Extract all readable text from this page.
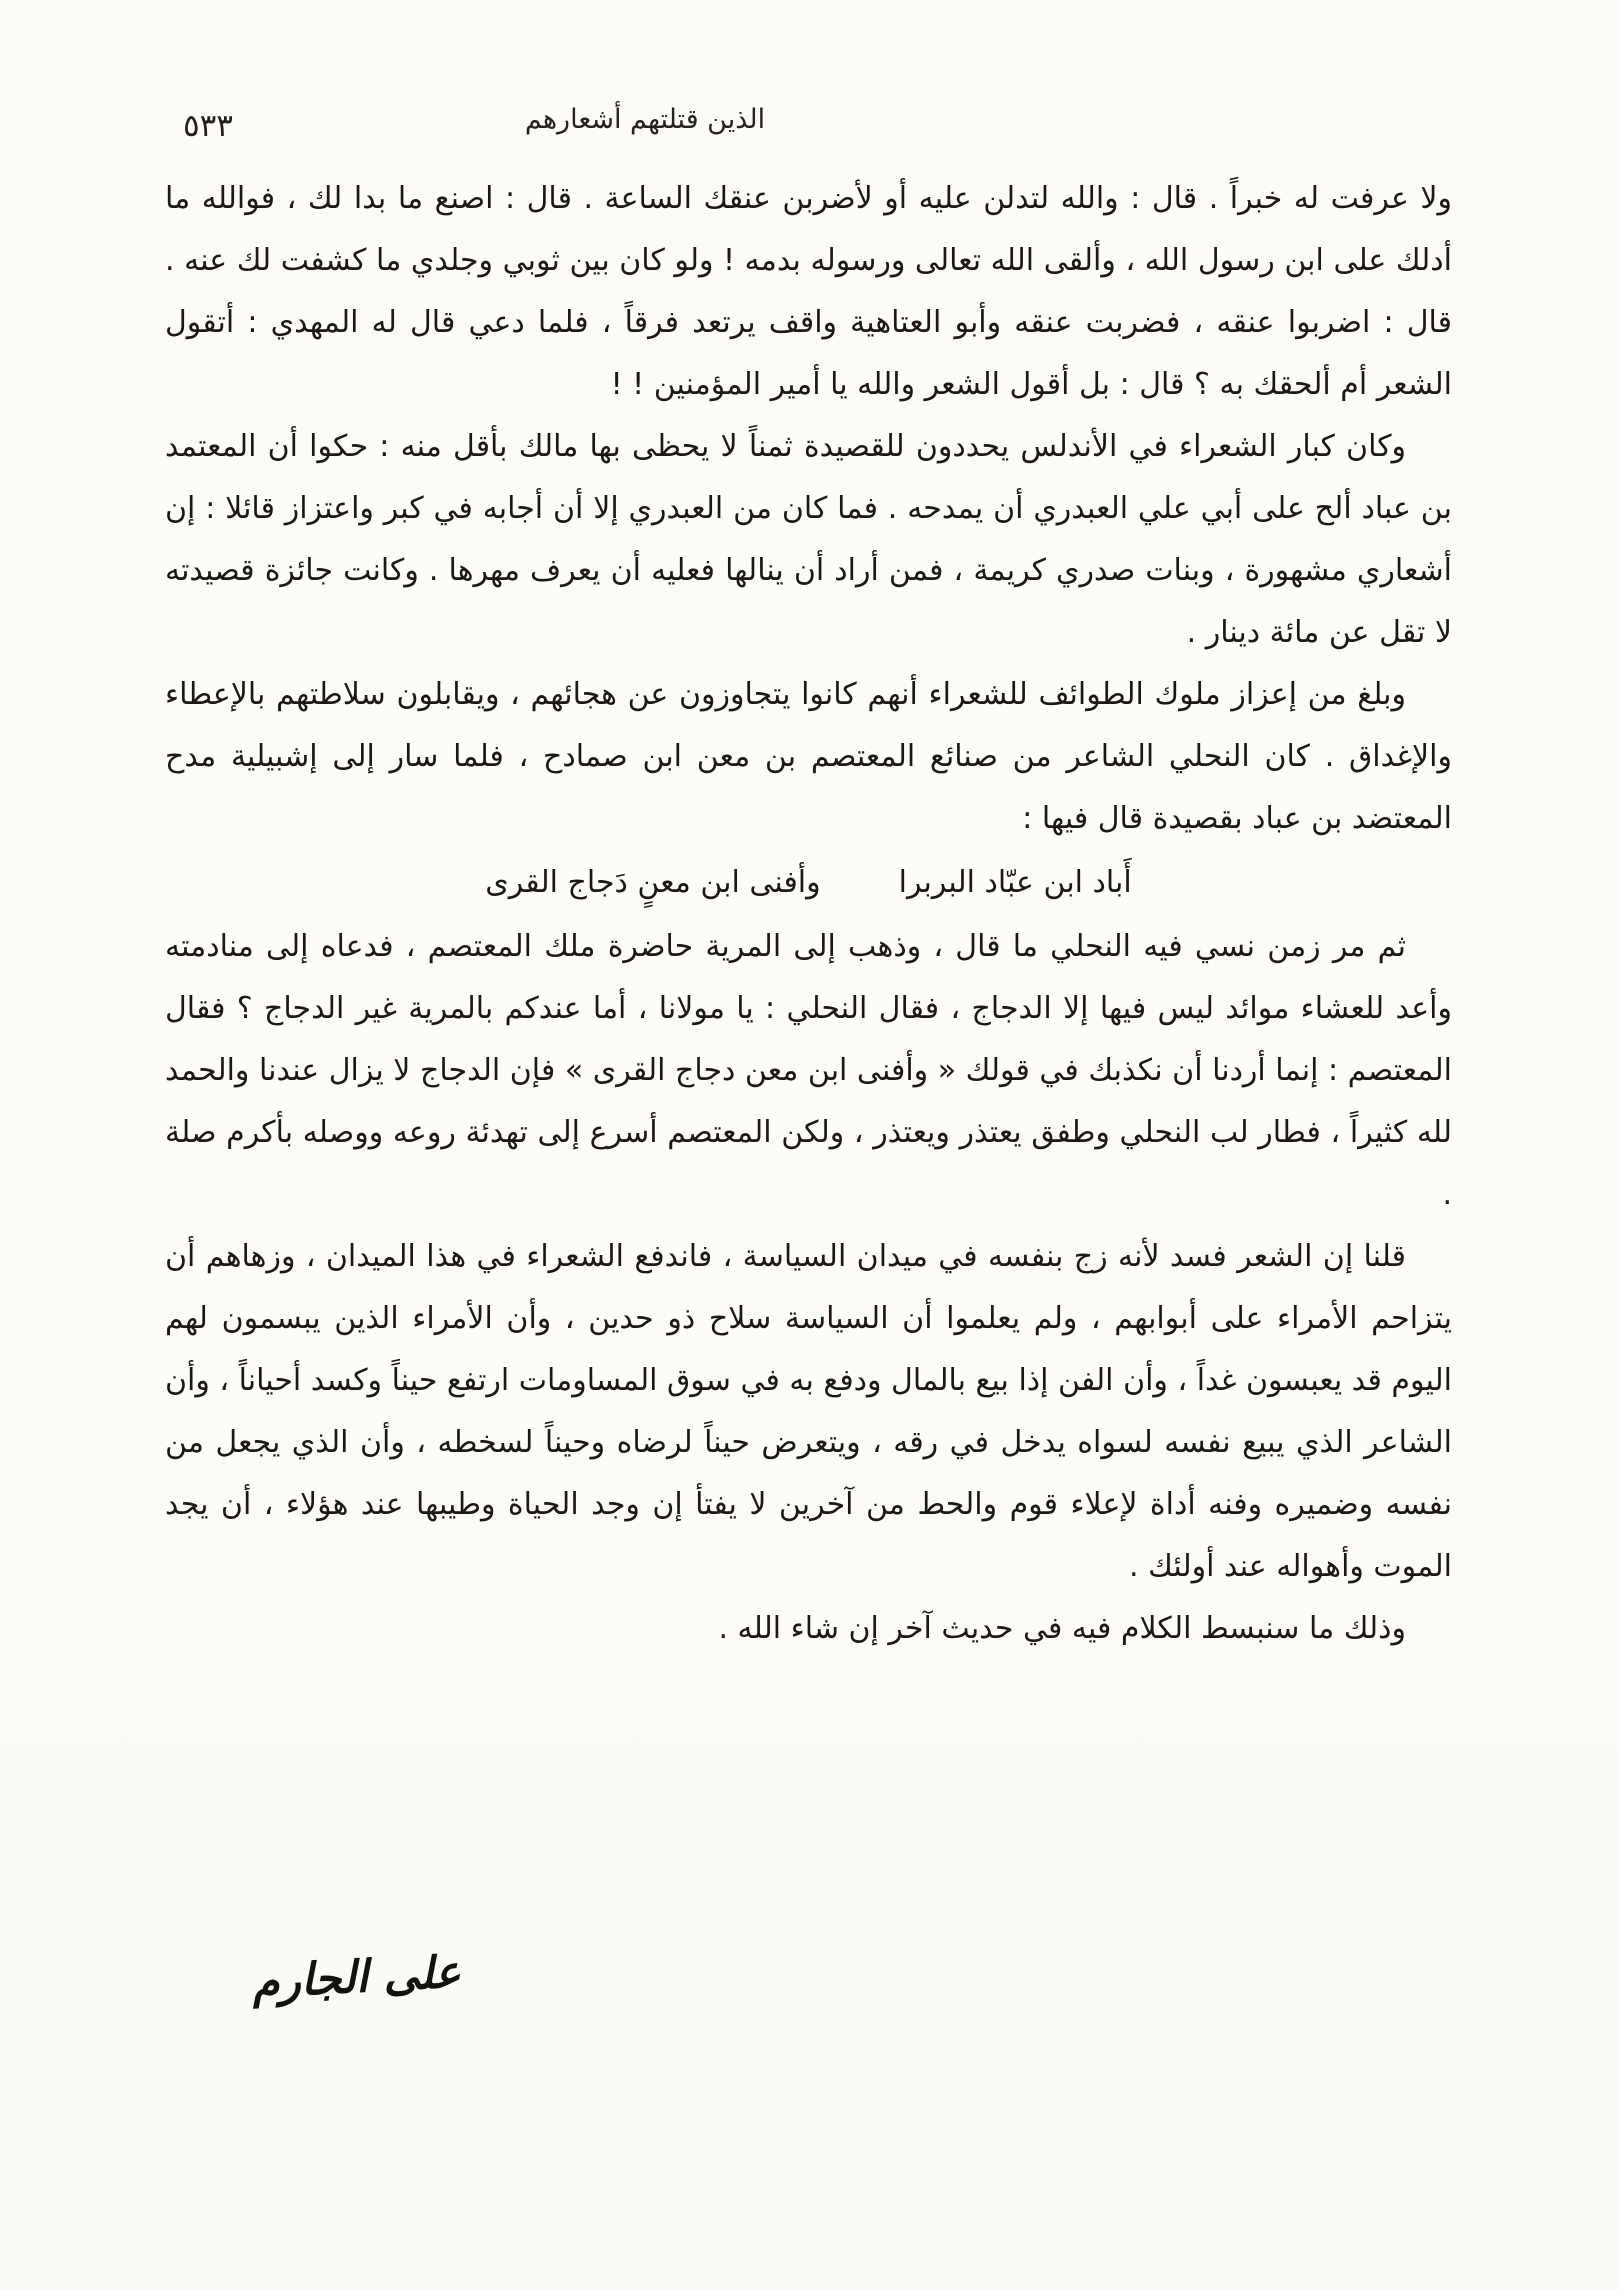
٥٣٣	الذين قتلتهم أشعارهم

ولا عرفت له خبراً . قال : والله لتدلن عليه أو لأضربن عنقك الساعة . قال : اصنع ما بدا لك ، فوالله ما أدلك على ابن رسول الله ، وألقى الله تعالى ورسوله بدمه ! ولو كان بين ثوبي وجلدي ما كشفت لك عنه . قال : اضربوا عنقه ، فضربت عنقه وأبو العتاهية واقف يرتعد فرقاً ، فلما دعي قال له المهدي : أتقول الشعر أم ألحقك به ؟ قال : بل أقول الشعر والله يا أمير المؤمنين ! !

وكان كبار الشعراء في الأندلس يحددون للقصيدة ثمناً لا يحظى بها مالك بأقل منه : حكوا أن المعتمد بن عباد ألح على أبي علي العبدري أن يمدحه . فما كان من العبدري إلا أن أجابه في كبر واعتزاز قائلا : إن أشعاري مشهورة ، وبنات صدري كريمة ، فمن أراد أن ينالها فعليه أن يعرف مهرها . وكانت جائزة قصيدته لا تقل عن مائة دينار .

وبلغ من إعزاز ملوك الطوائف للشعراء أنهم كانوا يتجاوزون عن هجائهم ، ويقابلون سلاطتهم بالإعطاء والإغداق . كان النحلي الشاعر من صنائع المعتصم بن معن ابن صمادح ، فلما سار إلى إشبيلية مدح المعتضد بن عباد بقصيدة قال فيها :

أَباد ابن عبّاد البربرا
وأفنى ابن معنٍ دَجاج القرى

ثم مر زمن نسي فيه النحلي ما قال ، وذهب إلى المرية حاضرة ملك المعتصم ، فدعاه إلى منادمته وأعد للعشاء موائد ليس فيها إلا الدجاج ، فقال النحلي : يا مولانا ، أما عندكم بالمرية غير الدجاج ؟ فقال المعتصم : إنما أردنا أن نكذبك في قولك « وأفنى ابن معن دجاج القرى » فإن الدجاج لا يزال عندنا والحمد لله كثيراً ، فطار لب النحلي وطفق يعتذر ويعتذر ، ولكن المعتصم أسرع إلى تهدئة روعه ووصله بأكرم صلة .

قلنا إن الشعر فسد لأنه زج بنفسه في ميدان السياسة ، فاندفع الشعراء في هذا الميدان ، وزهاهم أن يتزاحم الأمراء على أبوابهم ، ولم يعلموا أن السياسة سلاح ذو حدين ، وأن الأمراء الذين يبسمون لهم اليوم قد يعبسون غداً ، وأن الفن إذا بيع بالمال ودفع به في سوق المساومات ارتفع حيناً وكسد أحياناً ، وأن الشاعر الذي يبيع نفسه لسواه يدخل في رقه ، ويتعرض حيناً لرضاه وحيناً لسخطه ، وأن الذي يجعل من نفسه وضميره وفنه أداة لإعلاء قوم والحط من آخرين لا يفتأ إن وجد الحياة وطيبها عند هؤلاء ، أن يجد الموت وأهواله عند أولئك .

وذلك ما سنبسط الكلام فيه في حديث آخر إن شاء الله .

على الجارم
